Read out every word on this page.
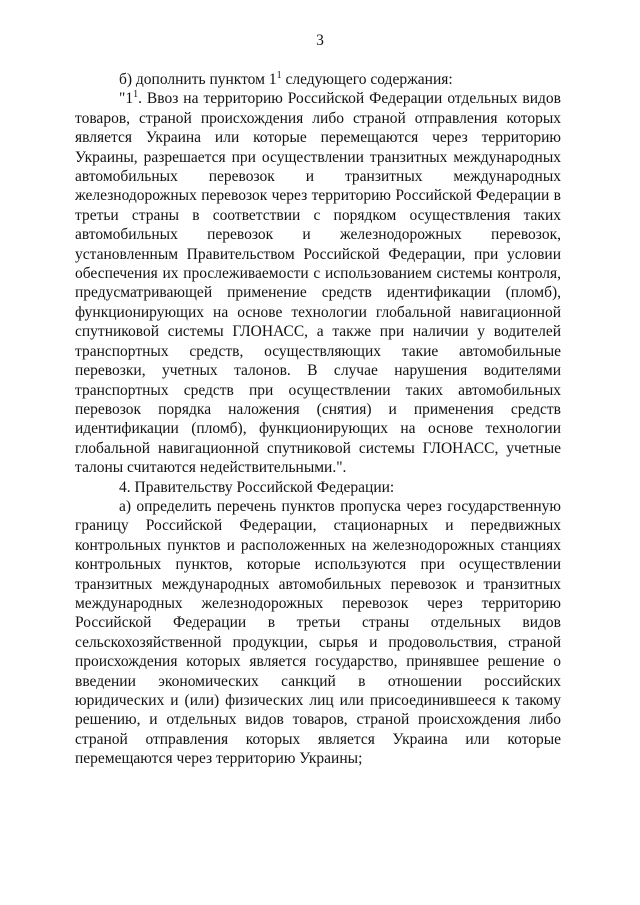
3

б) дополнить пунктом $1^1$ следующего содержания:

"$1^1$. Ввоз на территорию Российской Федерации отдельных видов товаров, страной происхождения либо страной отправления которых является Украина или которые перемещаются через территорию Украины, разрешается при осуществлении транзитных международных автомобильных перевозок и транзитных международных железнодорожных перевозок через территорию Российской Федерации в третьи страны в соответствии с порядком осуществления таких автомобильных перевозок и железнодорожных перевозок, установленным Правительством Российской Федерации, при условии обеспечения их прослеживаемости с использованием системы контроля, предусматривающей применение средств идентификации (пломб), функционирующих на основе технологии глобальной навигационной спутниковой системы ГЛОНАСС, а также при наличии у водителей транспортных средств, осуществляющих такие автомобильные перевозки, учетных талонов. В случае нарушения водителями транспортных средств при осуществлении таких автомобильных перевозок порядка наложения (снятия) и применения средств идентификации (пломб), функционирующих на основе технологии глобальной навигационной спутниковой системы ГЛОНАСС, учетные талоны считаются недействительными.".

4. Правительству Российской Федерации:

а) определить перечень пунктов пропуска через государственную границу Российской Федерации, стационарных и передвижных контрольных пунктов и расположенных на железнодорожных станциях контрольных пунктов, которые используются при осуществлении транзитных международных автомобильных перевозок и транзитных международных железнодорожных перевозок через территорию Российской Федерации в третьи страны отдельных видов сельскохозяйственной продукции, сырья и продовольствия, страной происхождения которых является государство, принявшее решение о введении экономических санкций в отношении российских юридических и (или) физических лиц или присоединившееся к такому решению, и отдельных видов товаров, страной происхождения либо страной отправления которых является Украина или которые перемещаются через территорию Украины;
